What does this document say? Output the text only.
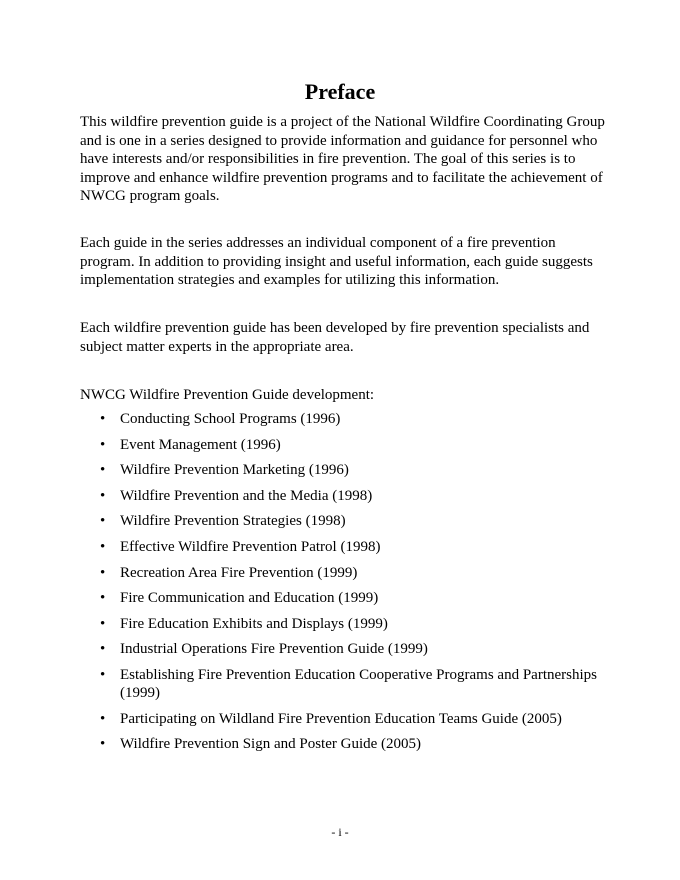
Preface

This wildfire prevention guide is a project of the National Wildfire Coordinating Group and is one in a series designed to provide information and guidance for personnel who have interests and/or responsibilities in fire prevention. The goal of this series is to improve and enhance wildfire prevention programs and to facilitate the achievement of NWCG program goals.

Each guide in the series addresses an individual component of a fire prevention program. In addition to providing insight and useful information, each guide suggests implementation strategies and examples for utilizing this information.

Each wildfire prevention guide has been developed by fire prevention specialists and subject matter experts in the appropriate area.

NWCG Wildfire Prevention Guide development:

• Conducting School Programs (1996)
• Event Management (1996)
• Wildfire Prevention Marketing (1996)
• Wildfire Prevention and the Media (1998)
• Wildfire Prevention Strategies (1998)
• Effective Wildfire Prevention Patrol (1998)
• Recreation Area Fire Prevention (1999)
• Fire Communication and Education (1999)
• Fire Education Exhibits and Displays (1999)
• Industrial Operations Fire Prevention Guide (1999)
• Establishing Fire Prevention Education Cooperative Programs and Partnerships (1999)
• Participating on Wildland Fire Prevention Education Teams Guide (2005)
• Wildfire Prevention Sign and Poster Guide (2005)
- i -
